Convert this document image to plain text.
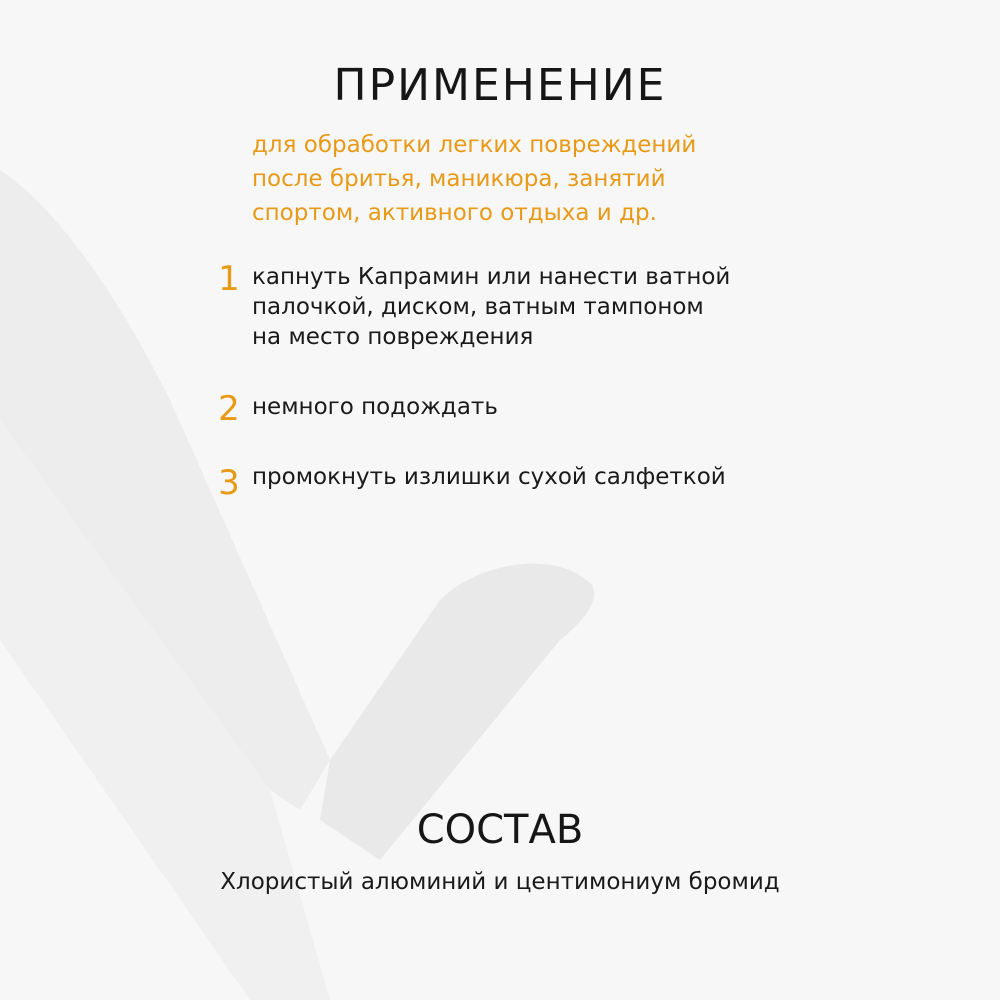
ПРИМЕНЕНИЕ
для обработки легких повреждений
после бритья, маникюра, занятий
спортом, активного отдыха и др.
1 капнуть Капрамин или нанести ватной
палочкой, диском, ватным тампоном
на место повреждения
2 немного подождать
3 промокнуть излишки сухой салфеткой
СОСТАВ

Хлористый алюминий и центимониум бромид
